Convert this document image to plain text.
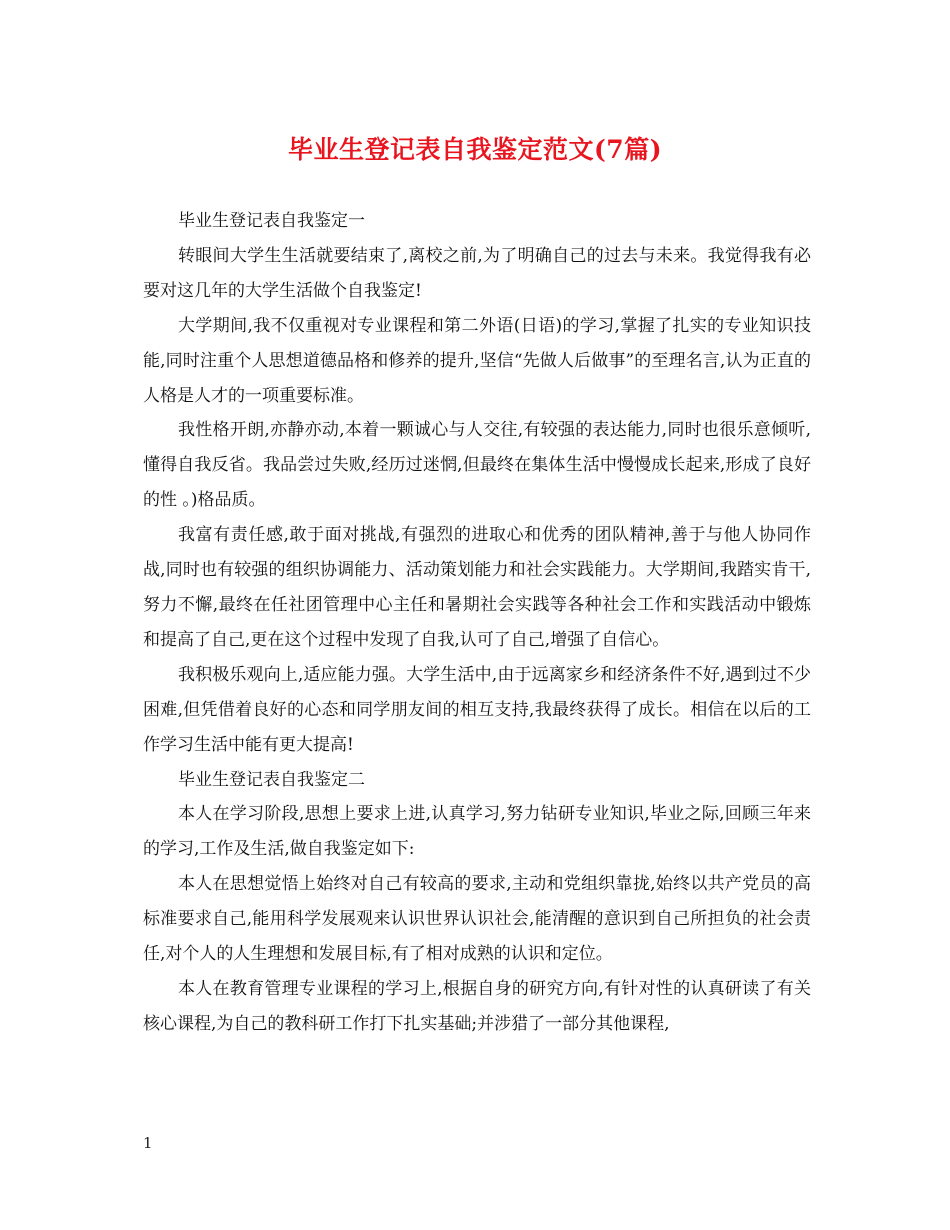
毕业生登记表自我鉴定范文(7篇)

毕业生登记表自我鉴定一

转眼间大学生生活就要结束了,离校之前,为了明确自己的过去与未来。我觉得我有必要对这几年的大学生活做个自我鉴定!

大学期间,我不仅重视对专业课程和第二外语(日语)的学习,掌握了扎实的专业知识技能,同时注重个人思想道德品格和修养的提升,坚信“先做人后做事”的至理名言,认为正直的人格是人才的一项重要标准。

我性格开朗,亦静亦动,本着一颗诚心与人交往,有较强的表达能力,同时也很乐意倾听,懂得自我反省。我品尝过失败,经历过迷惘,但最终在集体生活中慢慢成长起来,形成了良好的性 。)格品质。

我富有责任感,敢于面对挑战,有强烈的进取心和优秀的团队精神,善于与他人协同作战,同时也有较强的组织协调能力、活动策划能力和社会实践能力。大学期间,我踏实肯干,努力不懈,最终在任社团管理中心主任和暑期社会实践等各种社会工作和实践活动中锻炼和提高了自己,更在这个过程中发现了自我,认可了自己,增强了自信心。

我积极乐观向上,适应能力强。大学生活中,由于远离家乡和经济条件不好,遇到过不少困难,但凭借着良好的心态和同学朋友间的相互支持,我最终获得了成长。相信在以后的工作学习生活中能有更大提高!

毕业生登记表自我鉴定二

本人在学习阶段,思想上要求上进,认真学习,努力钻研专业知识,毕业之际,回顾三年来的学习,工作及生活,做自我鉴定如下:

本人在思想觉悟上始终对自己有较高的要求,主动和党组织靠拢,始终以共产党员的高标准要求自己,能用科学发展观来认识世界认识社会,能清醒的意识到自己所担负的社会责任,对个人的人生理想和发展目标,有了相对成熟的认识和定位。

本人在教育管理专业课程的学习上,根据自身的研究方向,有针对性的认真研读了有关核心课程,为自己的教科研工作打下扎实基础;并涉猎了一部分其他课程,

1
